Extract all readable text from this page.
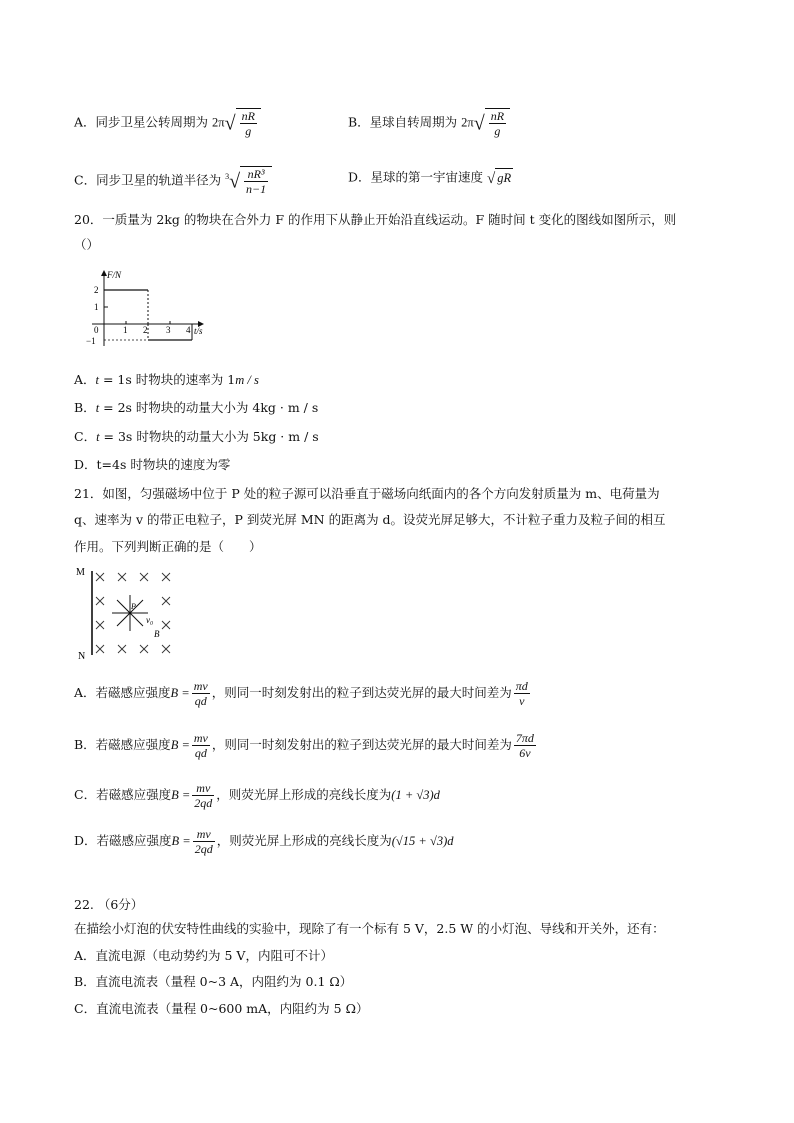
A．同步卫星公转周期为 $2\pi√ \frac{nR}{g}$	B．星球自转周期为 $2\pi√ \frac{nR}{g}$
C．同步卫星的轨道半径为 $^3√ \frac{\text{nR³}}{n-1}$	D．星球的第一宇宙速度 √ gR
20．一质量为 2kg 的物块在合外力 F 的作用下从静止开始沿直线运动。F 随时间 t 变化的图线如图所示，则
（）
F/N
t/s
2
1
0
−1
1 2 3 4
A．t = 1s 时物块的速率为 1m / s
B．t = 2s 时物块的动量大小为 4kg · m / s
C．t = 3s 时物块的动量大小为 5kg · m / s
D．t=4s 时物块的速度为零
21．如图，匀强磁场中位于 P 处的粒子源可以沿垂直于磁场向纸面内的各个方向发射质量为 m、电荷量为
q、速率为 v 的带正电粒子，P 到荧光屏 MN 的距离为 d。设荧光屏足够大，不计粒子重力及粒子间的相互
作用。下列判断正确的是（　　）
M
N
P
v₀
B
A．若磁感应强度$B = \frac{mv}{qd}$ ，则同一时刻发射出的粒子到达荧光屏的最大时间差为 $\frac{\pi d}{v}$
B．若磁感应强度$B = \frac{mv}{qd}$ ，则同一时刻发射出的粒子到达荧光屏的最大时间差为 $\frac{7\pi d}{6v}$
C．若磁感应强度$B = \frac{mv}{2qd}$ ，则荧光屏上形成的亮线长度为(1 + √3)d
D．若磁感应强度$B = \frac{mv}{2qd}$ ，则荧光屏上形成的亮线长度为(√15 + √3)d
22. （6分）
在描绘小灯泡的伏安特性曲线的实验中，现除了有一个标有 5 V，2.5 W 的小灯泡、导线和开关外，还有：
A．直流电源（电动势约为 5 V，内阻可不计）
B．直流电流表（量程 0~3 A，内阻约为 0.1 Ω）
C．直流电流表（量程 0~600 mA，内阻约为 5 Ω）
